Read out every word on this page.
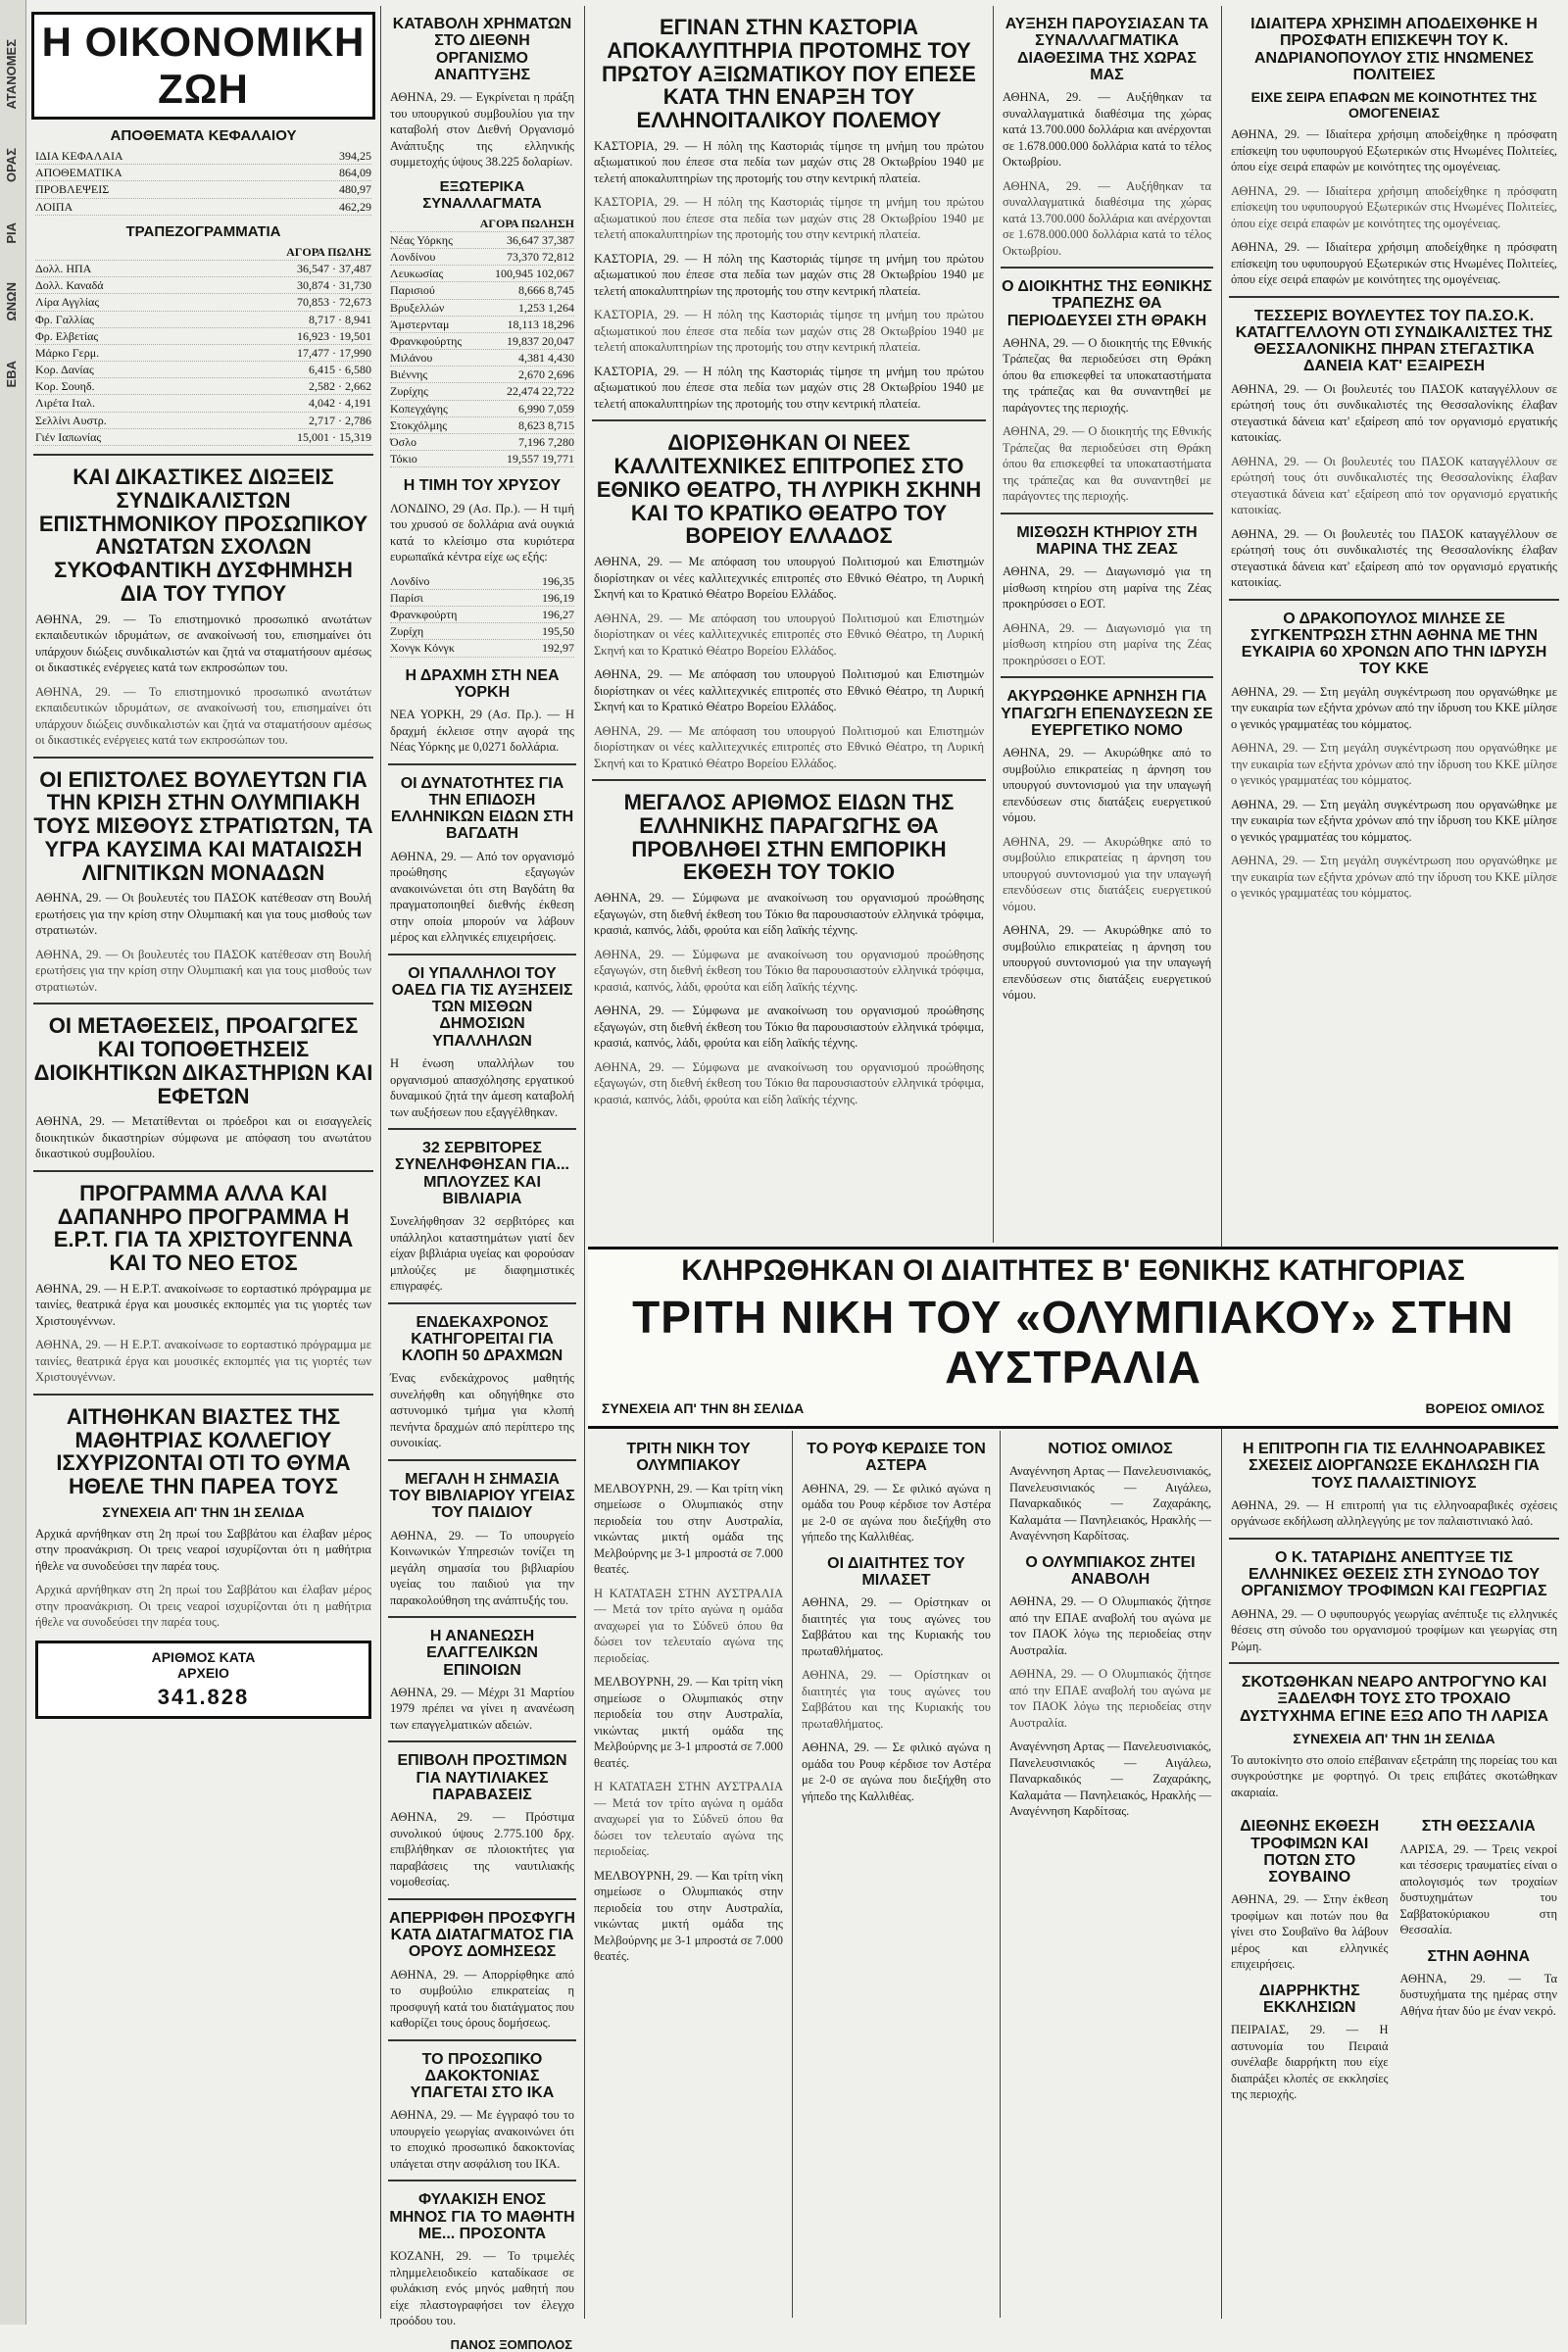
ΑΤΑΝΟΜΕΣ
ΟΡΑΣ
ΡΙΑ
ΩΝΩΝ
ΕΒΑ
Η ΟΙΚΟΝΟΜΙΚΗ ΖΩΗ
ΑΠΟΘΕΜΑΤΑ ΚΕΦΑΛΑΙΟΥ
ΙΔΙΑ ΚΕΦΑΛΑΙΑ	394,25
ΑΠΟΘΕΜΑΤΙΚΑ	864,09
ΠΡΟΒΛΕΨΕΙΣ	480,97
ΛΟΙΠΑ	462,29
ΤΡΑΠΕΖΟΓΡΑΜΜΑΤΙΑ
ΑΓΟΡΑ ΠΩΛΗΣ
Δολλ. ΗΠΑ	36,547 · 37,487
Δολλ. Καναδά	30,874 · 31,730
Λίρα Αγγλίας	70,853 · 72,673
Φρ. Γαλλίας	8,717 · 8,941
Φρ. Ελβετίας	16,923 · 19,501
Μάρκο Γερμ.	17,477 · 17,990
Κορ. Δανίας	6,415 · 6,580
Κορ. Σουηδ.	2,582 · 2,662
Λιρέτα Ιταλ.	4,042 · 4,191
Σελλίνι Αυστρ.	2,717 · 2,786
Γιέν Ιαπωνίας	15,001 · 15,319
ΚΑΙ ΔΙΚΑΣΤΙΚΕΣ ΔΙΩΞΕΙΣ ΣΥΝΔΙΚΑΛΙΣΤΩΝ ΕΠΙΣΤΗΜΟΝΙΚΟΥ ΠΡΟΣΩΠΙΚΟΥ ΑΝΩΤΑΤΩΝ ΣΧΟΛΩΝ ΣΥΚΟΦΑΝΤΙΚΗ ΔΥΣΦΗΜΗΣΗ ΔΙΑ ΤΟΥ ΤΥΠΟΥ

ΑΘΗΝΑ, 29. — Το επιστημονικό προσωπικό ανωτάτων εκπαιδευτικών ιδρυμάτων, σε ανακοίνωσή του, επισημαίνει ότι υπάρχουν διώξεις συνδικαλιστών και ζητά να σταματήσουν αμέσως οι δικαστικές ενέργειες κατά των εκπροσώπων του.

ΑΘΗΝΑ, 29. — Το επιστημονικό προσωπικό ανωτάτων εκπαιδευτικών ιδρυμάτων, σε ανακοίνωσή του, επισημαίνει ότι υπάρχουν διώξεις συνδικαλιστών και ζητά να σταματήσουν αμέσως οι δικαστικές ενέργειες κατά των εκπροσώπων του.

ΟΙ ΕΠΙΣΤΟΛΕΣ ΒΟΥΛΕΥΤΩΝ ΓΙΑ ΤΗΝ ΚΡΙΣΗ ΣΤΗΝ ΟΛΥΜΠΙΑΚΗ ΤΟΥΣ ΜΙΣΘΟΥΣ ΣΤΡΑΤΙΩΤΩΝ, ΤΑ ΥΓΡΑ ΚΑΥΣΙΜΑ ΚΑΙ ΜΑΤΑΙΩΣΗ ΛΙΓΝΙΤΙΚΩΝ ΜΟΝΑΔΩΝ

ΑΘΗΝΑ, 29. — Οι βουλευτές του ΠΑΣΟΚ κατέθεσαν στη Βουλή ερωτήσεις για την κρίση στην Ολυμπιακή και για τους μισθούς των στρατιωτών.

ΑΘΗΝΑ, 29. — Οι βουλευτές του ΠΑΣΟΚ κατέθεσαν στη Βουλή ερωτήσεις για την κρίση στην Ολυμπιακή και για τους μισθούς των στρατιωτών.

ΟΙ ΜΕΤΑΘΕΣΕΙΣ, ΠΡΟΑΓΩΓΕΣ ΚΑΙ ΤΟΠΟΘΕΤΗΣΕΙΣ ΔΙΟΙΚΗΤΙΚΩΝ ΔΙΚΑΣΤΗΡΙΩΝ ΚΑΙ ΕΦΕΤΩΝ

ΑΘΗΝΑ, 29. — Μετατίθενται οι πρόεδροι και οι εισαγγελείς διοικητικών δικαστηρίων σύμφωνα με απόφαση του ανωτάτου δικαστικού συμβουλίου.

ΠΡΟΓΡΑΜΜΑ ΑΛΛΑ ΚΑΙ ΔΑΠΑΝΗΡΟ ΠΡΟΓΡΑΜΜΑ Η Ε.Ρ.Τ. ΓΙΑ ΤΑ ΧΡΙΣΤΟΥΓΕΝΝΑ ΚΑΙ ΤΟ ΝΕΟ ΕΤΟΣ

ΑΘΗΝΑ, 29. — Η Ε.Ρ.Τ. ανακοίνωσε το εορταστικό πρόγραμμα με ταινίες, θεατρικά έργα και μουσικές εκπομπές για τις γιορτές των Χριστουγέννων.

ΑΘΗΝΑ, 29. — Η Ε.Ρ.Τ. ανακοίνωσε το εορταστικό πρόγραμμα με ταινίες, θεατρικά έργα και μουσικές εκπομπές για τις γιορτές των Χριστουγέννων.

ΑΙΤΗΘΗΚΑΝ ΒΙΑΣΤΕΣ ΤΗΣ ΜΑΘΗΤΡΙΑΣ ΚΟΛΛΕΓΙΟΥ ΙΣΧΥΡΙΖΟΝΤΑΙ ΟΤΙ ΤΟ ΘΥΜΑ ΗΘΕΛΕ ΤΗΝ ΠΑΡΕΑ ΤΟΥΣ
ΣΥΝΕΧΕΙΑ ΑΠ' ΤΗΝ 1Η ΣΕΛΙΔΑ

Αρχικά αρνήθηκαν στη 2η πρωί του Σαββάτου και έλαβαν μέρος στην προανάκριση. Οι τρεις νεαροί ισχυρίζονται ότι η μαθήτρια ήθελε να συνοδεύσει την παρέα τους.

Αρχικά αρνήθηκαν στη 2η πρωί του Σαββάτου και έλαβαν μέρος στην προανάκριση. Οι τρεις νεαροί ισχυρίζονται ότι η μαθήτρια ήθελε να συνοδεύσει την παρέα τους.

ΑΡΙΘΜΟΣ ΚΑΤΑ
ΑΡΧΕΙΟ
341.828
ΚΑΤΑΒΟΛΗ ΧΡΗΜΑΤΩΝ ΣΤΟ ΔΙΕΘΝΗ ΟΡΓΑΝΙΣΜΟ ΑΝΑΠΤΥΞΗΣ

ΑΘΗΝΑ, 29. — Εγκρίνεται η πράξη του υπουργικού συμβουλίου για την καταβολή στον Διεθνή Οργανισμό Ανάπτυξης της ελληνικής συμμετοχής ύψους 38.225 δολαρίων.

ΕΞΩΤΕΡΙΚΑ ΣΥΝΑΛΛΑΓΜΑΤΑ
ΑΓΟΡΑ ΠΩΛΗΣΗ
Νέας Υόρκης	36,647 37,387
Λονδίνου	73,370 72,812
Λευκωσίας	100,945 102,067
Παρισιού	8,666 8,745
Βρυξελλών	1,253 1,264
Άμστερνταμ	18,113 18,296
Φρανκφούρτης	19,837 20,047
Μιλάνου	4,381 4,430
Βιέννης	2,670 2,696
Ζυρίχης	22,474 22,722
Κοπεγχάγης	6,990 7,059
Στοκχόλμης	8,623 8,715
Όσλο	7,196 7,280
Τόκιο	19,557 19,771
Η ΤΙΜΗ ΤΟΥ ΧΡΥΣΟΥ

ΛΟΝΔΙΝΟ, 29 (Ασ. Πρ.). — Η τιμή του χρυσού σε δολλάρια ανά ουγκιά κατά το κλείσιμο στα κυριότερα ευρωπαϊκά κέντρα είχε ως εξής:

Λονδίνο	196,35
Παρίσι	196,19
Φρανκφούρτη	196,27
Ζυρίχη	195,50
Χονγκ Κόνγκ	192,97
Η ΔΡΑΧΜΗ ΣΤΗ ΝΕΑ ΥΟΡΚΗ

ΝΕΑ ΥΟΡΚΗ, 29 (Ασ. Πρ.). — Η δραχμή έκλεισε στην αγορά της Νέας Υόρκης με 0,0271 δολλάρια.

ΟΙ ΔΥΝΑΤΟΤΗΤΕΣ ΓΙΑ ΤΗΝ ΕΠΙΔΟΣΗ ΕΛΛΗΝΙΚΩΝ ΕΙΔΩΝ ΣΤΗ ΒΑΓΔΑΤΗ

ΑΘΗΝΑ, 29. — Από τον οργανισμό προώθησης εξαγωγών ανακοινώνεται ότι στη Βαγδάτη θα πραγματοποιηθεί διεθνής έκθεση στην οποία μπορούν να λάβουν μέρος και ελληνικές επιχειρήσεις.

ΟΙ ΥΠΑΛΛΗΛΟΙ ΤΟΥ ΟΑΕΔ ΓΙΑ ΤΙΣ ΑΥΞΗΣΕΙΣ ΤΩΝ ΜΙΣΘΩΝ ΔΗΜΟΣΙΩΝ ΥΠΑΛΛΗΛΩΝ

Η ένωση υπαλλήλων του οργανισμού απασχόλησης εργατικού δυναμικού ζητά την άμεση καταβολή των αυξήσεων που εξαγγέλθηκαν.

32 ΣΕΡΒΙΤΟΡΕΣ ΣΥΝΕΛΗΦΘΗΣΑΝ ΓΙΑ... ΜΠΛΟΥΖΕΣ ΚΑΙ ΒΙΒΛΙΑΡΙΑ

Συνελήφθησαν 32 σερβιτόρες και υπάλληλοι καταστημάτων γιατί δεν είχαν βιβλιάρια υγείας και φορούσαν μπλούζες με διαφημιστικές επιγραφές.

ΕΝΔΕΚΑΧΡΟΝΟΣ ΚΑΤΗΓΟΡΕΙΤΑΙ ΓΙΑ ΚΛΟΠΗ 50 ΔΡΑΧΜΩΝ

Ένας ενδεκάχρονος μαθητής συνελήφθη και οδηγήθηκε στο αστυνομικό τμήμα για κλοπή πενήντα δραχμών από περίπτερο της συνοικίας.

ΜΕΓΑΛΗ Η ΣΗΜΑΣΙΑ ΤΟΥ ΒΙΒΛΙΑΡΙΟΥ ΥΓΕΙΑΣ ΤΟΥ ΠΑΙΔΙΟΥ

ΑΘΗΝΑ, 29. — Το υπουργείο Κοινωνικών Υπηρεσιών τονίζει τη μεγάλη σημασία του βιβλιαρίου υγείας του παιδιού για την παρακολούθηση της ανάπτυξής του.

Η ΑΝΑΝΕΩΣΗ ΕΛΑΓΓΕΛΙΚΩΝ ΕΠΙΝΟΙΩΝ

ΑΘΗΝΑ, 29. — Μέχρι 31 Μαρτίου 1979 πρέπει να γίνει η ανανέωση των επαγγελματικών αδειών.

ΕΠΙΒΟΛΗ ΠΡΟΣΤΙΜΩΝ ΓΙΑ ΝΑΥΤΙΛΙΑΚΕΣ ΠΑΡΑΒΑΣΕΙΣ

ΑΘΗΝΑ, 29. — Πρόστιμα συνολικού ύψους 2.775.100 δρχ. επιβλήθηκαν σε πλοιοκτήτες για παραβάσεις της ναυτιλιακής νομοθεσίας.

ΑΠΕΡΡΙΦΘΗ ΠΡΟΣΦΥΓΗ ΚΑΤΑ ΔΙΑΤΑΓΜΑΤΟΣ ΓΙΑ ΟΡΟΥΣ ΔΟΜΗΣΕΩΣ

ΑΘΗΝΑ, 29. — Απορρίφθηκε από το συμβούλιο επικρατείας η προσφυγή κατά του διατάγματος που καθορίζει τους όρους δομήσεως.

ΤΟ ΠΡΟΣΩΠΙΚΟ ΔΑΚΟΚΤΟΝΙΑΣ ΥΠΑΓΕΤΑΙ ΣΤΟ ΙΚΑ

ΑΘΗΝΑ, 29. — Με έγγραφό του το υπουργείο γεωργίας ανακοινώνει ότι το εποχικό προσωπικό δακοκτονίας υπάγεται στην ασφάλιση του ΙΚΑ.

ΦΥΛΑΚΙΣΗ ΕΝΟΣ ΜΗΝΟΣ ΓΙΑ ΤΟ ΜΑΘΗΤΗ ΜΕ... ΠΡΟΣΟΝΤΑ

ΚΟΖΑΝΗ, 29. — Το τριμελές πλημμελειοδικείο καταδίκασε σε φυλάκιση ενός μηνός μαθητή που είχε πλαστογραφήσει τον έλεγχο προόδου του.

ΠΑΝΟΣ ΞΟΜΠΟΛΟΣ
ΕΓΙΝΑΝ ΣΤΗΝ ΚΑΣΤΟΡΙΑ ΑΠΟΚΑΛΥΠΤΗΡΙΑ ΠΡΟΤΟΜΗΣ ΤΟΥ ΠΡΩΤΟΥ ΑΞΙΩΜΑΤΙΚΟΥ ΠΟΥ ΕΠΕΣΕ ΚΑΤΑ ΤΗΝ ΕΝΑΡΞΗ ΤΟΥ ΕΛΛΗΝΟΙΤΑΛΙΚΟΥ ΠΟΛΕΜΟΥ

ΚΑΣΤΟΡΙΑ, 29. — Η πόλη της Καστοριάς τίμησε τη μνήμη του πρώτου αξιωματικού που έπεσε στα πεδία των μαχών στις 28 Οκτωβρίου 1940 με τελετή αποκαλυπτηρίων της προτομής του στην κεντρική πλατεία.

ΚΑΣΤΟΡΙΑ, 29. — Η πόλη της Καστοριάς τίμησε τη μνήμη του πρώτου αξιωματικού που έπεσε στα πεδία των μαχών στις 28 Οκτωβρίου 1940 με τελετή αποκαλυπτηρίων της προτομής του στην κεντρική πλατεία.

ΚΑΣΤΟΡΙΑ, 29. — Η πόλη της Καστοριάς τίμησε τη μνήμη του πρώτου αξιωματικού που έπεσε στα πεδία των μαχών στις 28 Οκτωβρίου 1940 με τελετή αποκαλυπτηρίων της προτομής του στην κεντρική πλατεία.

ΚΑΣΤΟΡΙΑ, 29. — Η πόλη της Καστοριάς τίμησε τη μνήμη του πρώτου αξιωματικού που έπεσε στα πεδία των μαχών στις 28 Οκτωβρίου 1940 με τελετή αποκαλυπτηρίων της προτομής του στην κεντρική πλατεία.

ΚΑΣΤΟΡΙΑ, 29. — Η πόλη της Καστοριάς τίμησε τη μνήμη του πρώτου αξιωματικού που έπεσε στα πεδία των μαχών στις 28 Οκτωβρίου 1940 με τελετή αποκαλυπτηρίων της προτομής του στην κεντρική πλατεία.

ΔΙΟΡΙΣΘΗΚΑΝ ΟΙ ΝΕΕΣ ΚΑΛΛΙΤΕΧΝΙΚΕΣ ΕΠΙΤΡΟΠΕΣ ΣΤΟ ΕΘΝΙΚΟ ΘΕΑΤΡΟ, ΤΗ ΛΥΡΙΚΗ ΣΚΗΝΗ ΚΑΙ ΤΟ ΚΡΑΤΙΚΟ ΘΕΑΤΡΟ ΤΟΥ ΒΟΡΕΙΟΥ ΕΛΛΑΔΟΣ

ΑΘΗΝΑ, 29. — Με απόφαση του υπουργού Πολιτισμού και Επιστημών διορίστηκαν οι νέες καλλιτεχνικές επιτροπές στο Εθνικό Θέατρο, τη Λυρική Σκηνή και το Κρατικό Θέατρο Βορείου Ελλάδος.

ΑΘΗΝΑ, 29. — Με απόφαση του υπουργού Πολιτισμού και Επιστημών διορίστηκαν οι νέες καλλιτεχνικές επιτροπές στο Εθνικό Θέατρο, τη Λυρική Σκηνή και το Κρατικό Θέατρο Βορείου Ελλάδος.

ΑΘΗΝΑ, 29. — Με απόφαση του υπουργού Πολιτισμού και Επιστημών διορίστηκαν οι νέες καλλιτεχνικές επιτροπές στο Εθνικό Θέατρο, τη Λυρική Σκηνή και το Κρατικό Θέατρο Βορείου Ελλάδος.

ΑΘΗΝΑ, 29. — Με απόφαση του υπουργού Πολιτισμού και Επιστημών διορίστηκαν οι νέες καλλιτεχνικές επιτροπές στο Εθνικό Θέατρο, τη Λυρική Σκηνή και το Κρατικό Θέατρο Βορείου Ελλάδος.

ΜΕΓΑΛΟΣ ΑΡΙΘΜΟΣ ΕΙΔΩΝ ΤΗΣ ΕΛΛΗΝΙΚΗΣ ΠΑΡΑΓΩΓΗΣ ΘΑ ΠΡΟΒΛΗΘΕΙ ΣΤΗΝ ΕΜΠΟΡΙΚΗ ΕΚΘΕΣΗ ΤΟΥ ΤΟΚΙΟ

ΑΘΗΝΑ, 29. — Σύμφωνα με ανακοίνωση του οργανισμού προώθησης εξαγωγών, στη διεθνή έκθεση του Τόκιο θα παρουσιαστούν ελληνικά τρόφιμα, κρασιά, καπνός, λάδι, φρούτα και είδη λαϊκής τέχνης.

ΑΘΗΝΑ, 29. — Σύμφωνα με ανακοίνωση του οργανισμού προώθησης εξαγωγών, στη διεθνή έκθεση του Τόκιο θα παρουσιαστούν ελληνικά τρόφιμα, κρασιά, καπνός, λάδι, φρούτα και είδη λαϊκής τέχνης.

ΑΘΗΝΑ, 29. — Σύμφωνα με ανακοίνωση του οργανισμού προώθησης εξαγωγών, στη διεθνή έκθεση του Τόκιο θα παρουσιαστούν ελληνικά τρόφιμα, κρασιά, καπνός, λάδι, φρούτα και είδη λαϊκής τέχνης.

ΑΘΗΝΑ, 29. — Σύμφωνα με ανακοίνωση του οργανισμού προώθησης εξαγωγών, στη διεθνή έκθεση του Τόκιο θα παρουσιαστούν ελληνικά τρόφιμα, κρασιά, καπνός, λάδι, φρούτα και είδη λαϊκής τέχνης.

ΑΥΞΗΣΗ ΠΑΡΟΥΣΙΑΣΑΝ ΤΑ ΣΥΝΑΛΛΑΓΜΑΤΙΚΑ ΔΙΑΘΕΣΙΜΑ ΤΗΣ ΧΩΡΑΣ ΜΑΣ

ΑΘΗΝΑ, 29. — Αυξήθηκαν τα συναλλαγματικά διαθέσιμα της χώρας κατά 13.700.000 δολλάρια και ανέρχονται σε 1.678.000.000 δολλάρια κατά το τέλος Οκτωβρίου.

ΑΘΗΝΑ, 29. — Αυξήθηκαν τα συναλλαγματικά διαθέσιμα της χώρας κατά 13.700.000 δολλάρια και ανέρχονται σε 1.678.000.000 δολλάρια κατά το τέλος Οκτωβρίου.

Ο ΔΙΟΙΚΗΤΗΣ ΤΗΣ ΕΘΝΙΚΗΣ ΤΡΑΠΕΖΗΣ ΘΑ ΠΕΡΙΟΔΕΥΣΕΙ ΣΤΗ ΘΡΑΚΗ

ΑΘΗΝΑ, 29. — Ο διοικητής της Εθνικής Τράπεζας θα περιοδεύσει στη Θράκη όπου θα επισκεφθεί τα υποκαταστήματα της τράπεζας και θα συναντηθεί με παράγοντες της περιοχής.

ΑΘΗΝΑ, 29. — Ο διοικητής της Εθνικής Τράπεζας θα περιοδεύσει στη Θράκη όπου θα επισκεφθεί τα υποκαταστήματα της τράπεζας και θα συναντηθεί με παράγοντες της περιοχής.

ΜΙΣΘΩΣΗ ΚΤΗΡΙΟΥ ΣΤΗ ΜΑΡΙΝΑ ΤΗΣ ΖΕΑΣ

ΑΘΗΝΑ, 29. — Διαγωνισμό για τη μίσθωση κτηρίου στη μαρίνα της Ζέας προκηρύσσει ο ΕΟΤ.

ΑΘΗΝΑ, 29. — Διαγωνισμό για τη μίσθωση κτηρίου στη μαρίνα της Ζέας προκηρύσσει ο ΕΟΤ.

ΑΚΥΡΩΘΗΚΕ ΑΡΝΗΣΗ ΓΙΑ ΥΠΑΓΩΓΗ ΕΠΕΝΔΥΣΕΩΝ ΣΕ ΕΥΕΡΓΕΤΙΚΟ ΝΟΜΟ

ΑΘΗΝΑ, 29. — Ακυρώθηκε από το συμβούλιο επικρατείας η άρνηση του υπουργού συντονισμού για την υπαγωγή επενδύσεων στις διατάξεις ευεργετικού νόμου.

ΑΘΗΝΑ, 29. — Ακυρώθηκε από το συμβούλιο επικρατείας η άρνηση του υπουργού συντονισμού για την υπαγωγή επενδύσεων στις διατάξεις ευεργετικού νόμου.

ΑΘΗΝΑ, 29. — Ακυρώθηκε από το συμβούλιο επικρατείας η άρνηση του υπουργού συντονισμού για την υπαγωγή επενδύσεων στις διατάξεις ευεργετικού νόμου.

ΙΔΙΑΙΤΕΡΑ ΧΡΗΣΙΜΗ ΑΠΟΔΕΙΧΘΗΚΕ Η ΠΡΟΣΦΑΤΗ ΕΠΙΣΚΕΨΗ ΤΟΥ Κ. ΑΝΔΡΙΑΝΟΠΟΥΛΟΥ ΣΤΙΣ ΗΝΩΜΕΝΕΣ ΠΟΛΙΤΕΙΕΣ
ΕΙΧΕ ΣΕΙΡΑ ΕΠΑΦΩΝ ΜΕ ΚΟΙΝΟΤΗΤΕΣ ΤΗΣ ΟΜΟΓΕΝΕΙΑΣ

ΑΘΗΝΑ, 29. — Ιδιαίτερα χρήσιμη αποδείχθηκε η πρόσφατη επίσκεψη του υφυπουργού Εξωτερικών στις Ηνωμένες Πολιτείες, όπου είχε σειρά επαφών με κοινότητες της ομογένειας.

ΑΘΗΝΑ, 29. — Ιδιαίτερα χρήσιμη αποδείχθηκε η πρόσφατη επίσκεψη του υφυπουργού Εξωτερικών στις Ηνωμένες Πολιτείες, όπου είχε σειρά επαφών με κοινότητες της ομογένειας.

ΑΘΗΝΑ, 29. — Ιδιαίτερα χρήσιμη αποδείχθηκε η πρόσφατη επίσκεψη του υφυπουργού Εξωτερικών στις Ηνωμένες Πολιτείες, όπου είχε σειρά επαφών με κοινότητες της ομογένειας.

ΤΕΣΣΕΡΙΣ ΒΟΥΛΕΥΤΕΣ ΤΟΥ ΠΑ.ΣΟ.Κ. ΚΑΤΑΓΓΕΛΛΟΥΝ ΟΤΙ ΣΥΝΔΙΚΑΛΙΣΤΕΣ ΤΗΣ ΘΕΣΣΑΛΟΝΙΚΗΣ ΠΗΡΑΝ ΣΤΕΓΑΣΤΙΚΑ ΔΑΝΕΙΑ ΚΑΤ' ΕΞΑΙΡΕΣΗ

ΑΘΗΝΑ, 29. — Οι βουλευτές του ΠΑΣΟΚ καταγγέλλουν σε ερώτησή τους ότι συνδικαλιστές της Θεσσαλονίκης έλαβαν στεγαστικά δάνεια κατ' εξαίρεση από τον οργανισμό εργατικής κατοικίας.

ΑΘΗΝΑ, 29. — Οι βουλευτές του ΠΑΣΟΚ καταγγέλλουν σε ερώτησή τους ότι συνδικαλιστές της Θεσσαλονίκης έλαβαν στεγαστικά δάνεια κατ' εξαίρεση από τον οργανισμό εργατικής κατοικίας.

ΑΘΗΝΑ, 29. — Οι βουλευτές του ΠΑΣΟΚ καταγγέλλουν σε ερώτησή τους ότι συνδικαλιστές της Θεσσαλονίκης έλαβαν στεγαστικά δάνεια κατ' εξαίρεση από τον οργανισμό εργατικής κατοικίας.

Ο ΔΡΑΚΟΠΟΥΛΟΣ ΜΙΛΗΣΕ ΣΕ ΣΥΓΚΕΝΤΡΩΣΗ ΣΤΗΝ ΑΘΗΝΑ ΜΕ ΤΗΝ ΕΥΚΑΙΡΙΑ 60 ΧΡΟΝΩΝ ΑΠΟ ΤΗΝ ΙΔΡΥΣΗ ΤΟΥ ΚΚΕ

ΑΘΗΝΑ, 29. — Στη μεγάλη συγκέντρωση που οργανώθηκε με την ευκαιρία των εξήντα χρόνων από την ίδρυση του ΚΚΕ μίλησε ο γενικός γραμματέας του κόμματος.

ΑΘΗΝΑ, 29. — Στη μεγάλη συγκέντρωση που οργανώθηκε με την ευκαιρία των εξήντα χρόνων από την ίδρυση του ΚΚΕ μίλησε ο γενικός γραμματέας του κόμματος.

ΑΘΗΝΑ, 29. — Στη μεγάλη συγκέντρωση που οργανώθηκε με την ευκαιρία των εξήντα χρόνων από την ίδρυση του ΚΚΕ μίλησε ο γενικός γραμματέας του κόμματος.

ΑΘΗΝΑ, 29. — Στη μεγάλη συγκέντρωση που οργανώθηκε με την ευκαιρία των εξήντα χρόνων από την ίδρυση του ΚΚΕ μίλησε ο γενικός γραμματέας του κόμματος.

ΚΛΗΡΩΘΗΚΑΝ ΟΙ ΔΙΑΙΤΗΤΕΣ Β' ΕΘΝΙΚΗΣ ΚΑΤΗΓΟΡΙΑΣ
ΤΡΙΤΗ ΝΙΚΗ ΤΟΥ «ΟΛΥΜΠΙΑΚΟΥ» ΣΤΗΝ ΑΥΣΤΡΑΛΙΑ
ΣΥΝΕΧΕΙΑ ΑΠ' ΤΗΝ 8Η ΣΕΛΙΔΑ	ΒΟΡΕΙΟΣ ΟΜΙΛΟΣ
ΤΡΙΤΗ ΝΙΚΗ ΤΟΥ ΟΛΥΜΠΙΑΚΟΥ

ΜΕΛΒΟΥΡΝΗ, 29. — Και τρίτη νίκη σημείωσε ο Ολυμπιακός στην περιοδεία του στην Αυστραλία, νικώντας μικτή ομάδα της Μελβούρνης με 3-1 μπροστά σε 7.000 θεατές.

Η ΚΑΤΑΤΑΞΗ ΣΤΗΝ ΑΥΣΤΡΑΛΙΑ — Μετά τον τρίτο αγώνα η ομάδα αναχωρεί για το Σύδνεϋ όπου θα δώσει τον τελευταίο αγώνα της περιοδείας.

ΜΕΛΒΟΥΡΝΗ, 29. — Και τρίτη νίκη σημείωσε ο Ολυμπιακός στην περιοδεία του στην Αυστραλία, νικώντας μικτή ομάδα της Μελβούρνης με 3-1 μπροστά σε 7.000 θεατές.

Η ΚΑΤΑΤΑΞΗ ΣΤΗΝ ΑΥΣΤΡΑΛΙΑ — Μετά τον τρίτο αγώνα η ομάδα αναχωρεί για το Σύδνεϋ όπου θα δώσει τον τελευταίο αγώνα της περιοδείας.

ΜΕΛΒΟΥΡΝΗ, 29. — Και τρίτη νίκη σημείωσε ο Ολυμπιακός στην περιοδεία του στην Αυστραλία, νικώντας μικτή ομάδα της Μελβούρνης με 3-1 μπροστά σε 7.000 θεατές.

ΤΟ ΡΟΥΦ ΚΕΡΔΙΣΕ ΤΟΝ ΑΣΤΕΡΑ

ΑΘΗΝΑ, 29. — Σε φιλικό αγώνα η ομάδα του Ρουφ κέρδισε τον Αστέρα με 2-0 σε αγώνα που διεξήχθη στο γήπεδο της Καλλιθέας.

ΟΙ ΔΙΑΙΤΗΤΕΣ ΤΟΥ ΜΙΛΑΣΕΤ

ΑΘΗΝΑ, 29. — Ορίστηκαν οι διαιτητές για τους αγώνες του Σαββάτου και της Κυριακής του πρωταθλήματος.

ΑΘΗΝΑ, 29. — Ορίστηκαν οι διαιτητές για τους αγώνες του Σαββάτου και της Κυριακής του πρωταθλήματος.

ΑΘΗΝΑ, 29. — Σε φιλικό αγώνα η ομάδα του Ρουφ κέρδισε τον Αστέρα με 2-0 σε αγώνα που διεξήχθη στο γήπεδο της Καλλιθέας.

ΝΟΤΙΟΣ ΟΜΙΛΟΣ

Αναγέννηση Αρτας — Πανελευσινιακός, Πανελευσινιακός — Αιγάλεω, Παναρκαδικός — Ζαχαράκης, Καλαμάτα — Πανηλειακός, Ηρακλής — Αναγέννηση Καρδίτσας.

Ο ΟΛΥΜΠΙΑΚΟΣ ΖΗΤΕΙ ΑΝΑΒΟΛΗ

ΑΘΗΝΑ, 29. — Ο Ολυμπιακός ζήτησε από την ΕΠΑΕ αναβολή του αγώνα με τον ΠΑΟΚ λόγω της περιοδείας στην Αυστραλία.

ΑΘΗΝΑ, 29. — Ο Ολυμπιακός ζήτησε από την ΕΠΑΕ αναβολή του αγώνα με τον ΠΑΟΚ λόγω της περιοδείας στην Αυστραλία.

Αναγέννηση Αρτας — Πανελευσινιακός, Πανελευσινιακός — Αιγάλεω, Παναρκαδικός — Ζαχαράκης, Καλαμάτα — Πανηλειακός, Ηρακλής — Αναγέννηση Καρδίτσας.

Η ΕΠΙΤΡΟΠΗ ΓΙΑ ΤΙΣ ΕΛΛΗΝΟΑΡΑΒΙΚΕΣ ΣΧΕΣΕΙΣ ΔΙΟΡΓΑΝΩΣΕ ΕΚΔΗΛΩΣΗ ΓΙΑ ΤΟΥΣ ΠΑΛΑΙΣΤΙΝΙΟΥΣ

ΑΘΗΝΑ, 29. — Η επιτροπή για τις ελληνοαραβικές σχέσεις οργάνωσε εκδήλωση αλληλεγγύης με τον παλαιστινιακό λαό.

Ο Κ. ΤΑΤΑΡΙΔΗΣ ΑΝΕΠΤΥΞΕ ΤΙΣ ΕΛΛΗΝΙΚΕΣ ΘΕΣΕΙΣ ΣΤΗ ΣΥΝΟΔΟ ΤΟΥ ΟΡΓΑΝΙΣΜΟΥ ΤΡΟΦΙΜΩΝ ΚΑΙ ΓΕΩΡΓΙΑΣ

ΑΘΗΝΑ, 29. — Ο υφυπουργός γεωργίας ανέπτυξε τις ελληνικές θέσεις στη σύνοδο του οργανισμού τροφίμων και γεωργίας στη Ρώμη.

ΣΚΟΤΩΘΗΚΑΝ ΝΕΑΡΟ ΑΝΤΡΟΓΥΝΟ ΚΑΙ ΞΑΔΕΛΦΗ ΤΟΥΣ ΣΤΟ ΤΡΟΧΑΙΟ ΔΥΣΤΥΧΗΜΑ ΕΓΙΝΕ ΕΞΩ ΑΠΟ ΤΗ ΛΑΡΙΣΑ
ΣΥΝΕΧΕΙΑ ΑΠ' ΤΗΝ 1Η ΣΕΛΙΔΑ

Το αυτοκίνητο στο οποίο επέβαιναν εξετράπη της πορείας του και συγκρούστηκε με φορτηγό. Οι τρεις επιβάτες σκοτώθηκαν ακαριαία.

ΔΙΕΘΝΗΣ ΕΚΘΕΣΗ ΤΡΟΦΙΜΩΝ ΚΑΙ ΠΟΤΩΝ ΣΤΟ ΣΟΥΒΑΙΝΟ

ΑΘΗΝΑ, 29. — Στην έκθεση τροφίμων και ποτών που θα γίνει στο Σουβαϊνο θα λάβουν μέρος και ελληνικές επιχειρήσεις.

ΔΙΑΡΡΗΚΤΗΣ ΕΚΚΛΗΣΙΩΝ

ΠΕΙΡΑΙΑΣ, 29. — Η αστυνομία του Πειραιά συνέλαβε διαρρήκτη που είχε διαπράξει κλοπές σε εκκλησίες της περιοχής.

ΣΤΗ ΘΕΣΣΑΛΙΑ

ΛΑΡΙΣΑ, 29. — Τρεις νεκροί και τέσσερις τραυματίες είναι ο απολογισμός των τροχαίων δυστυχημάτων του Σαββατοκύριακου στη Θεσσαλία.

ΣΤΗΝ ΑΘΗΝΑ

ΑΘΗΝΑ, 29. — Τα δυστυχήματα της ημέρας στην Αθήνα ήταν δύο με έναν νεκρό.
